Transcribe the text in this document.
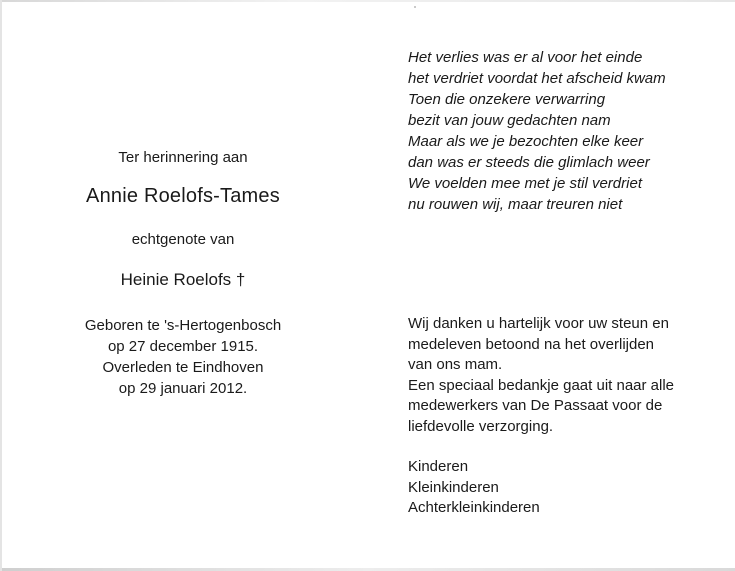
Ter herinnering aan
Annie Roelofs-Tames
echtgenote van
Heinie Roelofs †
Geboren te 's-Hertogenbosch
op 27 december 1915.
Overleden te Eindhoven
op 29 januari 2012.
Het verlies was er al voor het einde
het verdriet voordat het afscheid kwam
Toen die onzekere verwarring
bezit van jouw gedachten nam
Maar als we je bezochten elke keer
dan was er steeds die glimlach weer
We voelden mee met je stil verdriet
nu rouwen wij, maar treuren niet
Wij danken u hartelijk voor uw steun en
medeleven betoond na het overlijden
van ons mam.
Een speciaal bedankje gaat uit naar alle
medewerkers van De Passaat voor de
liefdevolle verzorging.
Kinderen
Kleinkinderen
Achterkleinkinderen
